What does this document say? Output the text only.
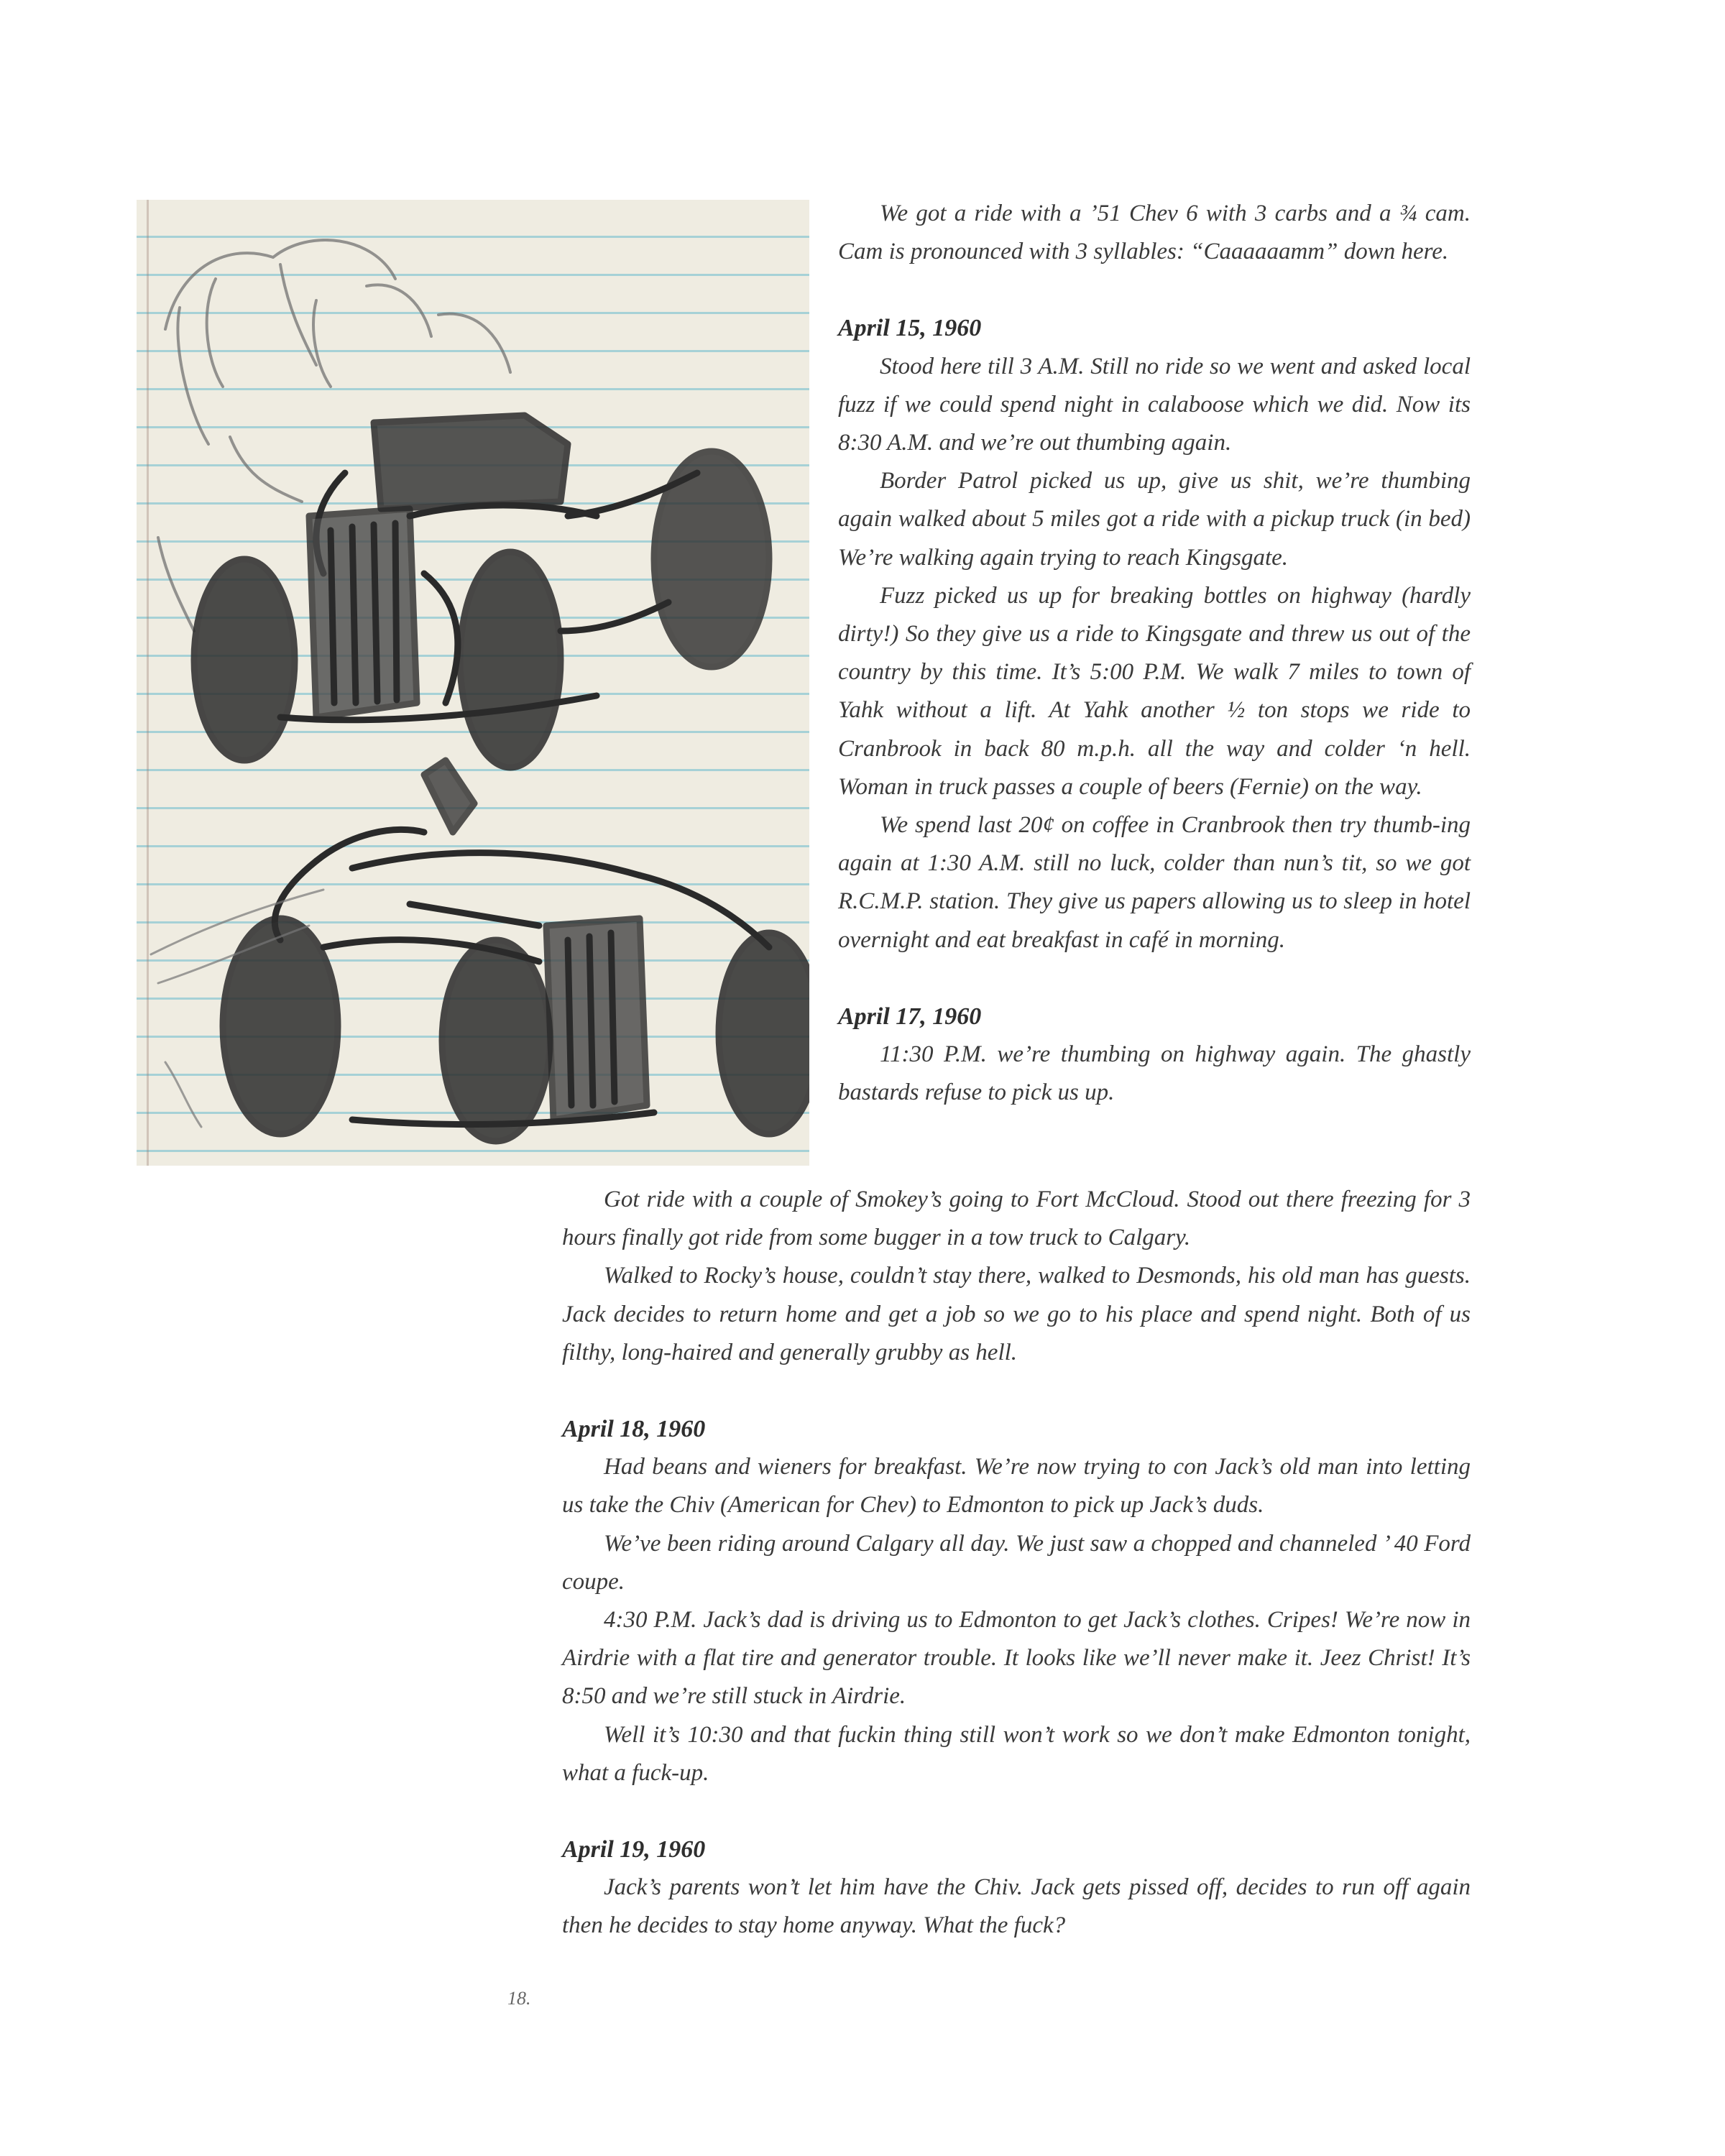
We got a ride with a ’51 Chev 6 with 3 carbs and a ¾ cam. Cam is pronounced with 3 syllables: “Caaaaaamm” down here.

April 15, 1960

Stood here till 3 A.M. Still no ride so we went and asked local fuzz if we could spend night in calaboose which we did. Now its 8:30 A.M. and we’re out thumbing again.

Border Patrol picked us up, give us shit, we’re thumbing again walked about 5 miles got a ride with a pickup truck (in bed) We’re walking again trying to reach Kingsgate.

Fuzz picked us up for breaking bottles on highway (hardly dirty!) So they give us a ride to Kingsgate and threw us out of the country by this time. It’s 5:00 P.M. We walk 7 miles to town of Yahk without a lift. At Yahk another ½ ton stops we ride to Cranbrook in back 80 m.p.h. all the way and colder ‘n hell. Woman in truck passes a couple of beers (Fernie) on the way.

We spend last 20¢ on coffee in Cranbrook then try thumb-ing again at 1:30 A.M. still no luck, colder than nun’s tit, so we got R.C.M.P. station. They give us papers allowing us to sleep in hotel overnight and eat breakfast in café in morning.

April 17, 1960

11:30 P.M. we’re thumbing on highway again. The ghastly bastards refuse to pick us up.

Got ride with a couple of Smokey’s going to Fort McCloud. Stood out there freezing for 3 hours finally got ride from some bugger in a tow truck to Calgary.

Walked to Rocky’s house, couldn’t stay there, walked to Desmonds, his old man has guests. Jack decides to return home and get a job so we go to his place and spend night. Both of us filthy, long-haired and generally grubby as hell.

April 18, 1960

Had beans and wieners for breakfast. We’re now trying to con Jack’s old man into letting us take the Chiv (American for Chev) to Edmonton to pick up Jack’s duds.

We’ve been riding around Calgary all day. We just saw a chopped and channeled ’ 40 Ford coupe.

4:30 P.M. Jack’s dad is driving us to Edmonton to get Jack’s clothes. Cripes! We’re now in Airdrie with a flat tire and generator trouble. It looks like we’ll never make it. Jeez Christ! It’s 8:50 and we’re still stuck in Airdrie.

Well it’s 10:30 and that fuckin thing still won’t work so we don’t make Edmonton tonight, what a fuck-up.

April 19, 1960

Jack’s parents won’t let him have the Chiv. Jack gets pissed off, decides to run off again then he decides to stay home anyway. What the fuck?

18.
